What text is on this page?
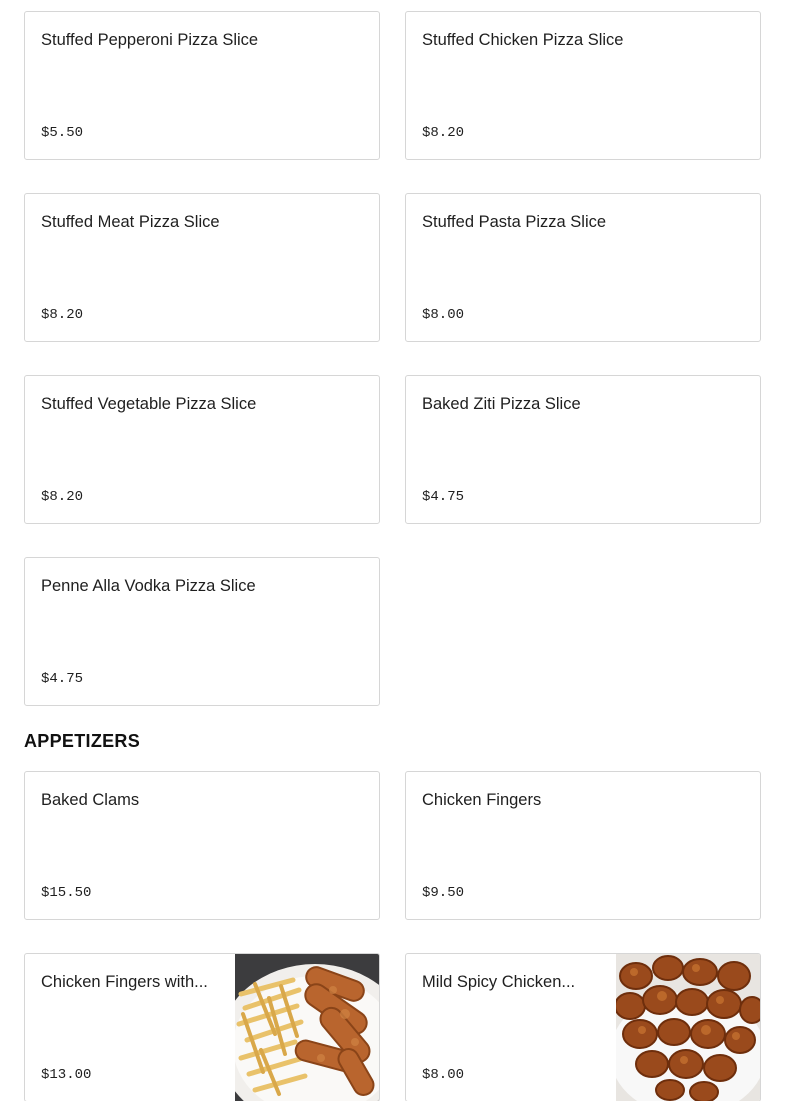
Stuffed Pepperoni Pizza Slice
$5.50
Stuffed Chicken Pizza Slice
$8.20
Stuffed Meat Pizza Slice
$8.20
Stuffed Pasta Pizza Slice
$8.00
Stuffed Vegetable Pizza Slice
$8.20
Baked Ziti Pizza Slice
$4.75
Penne Alla Vodka Pizza Slice
$4.75
APPETIZERS
Baked Clams
$15.50
Chicken Fingers
$9.50
Chicken Fingers with...
$13.00
Mild Spicy Chicken...
$8.00
